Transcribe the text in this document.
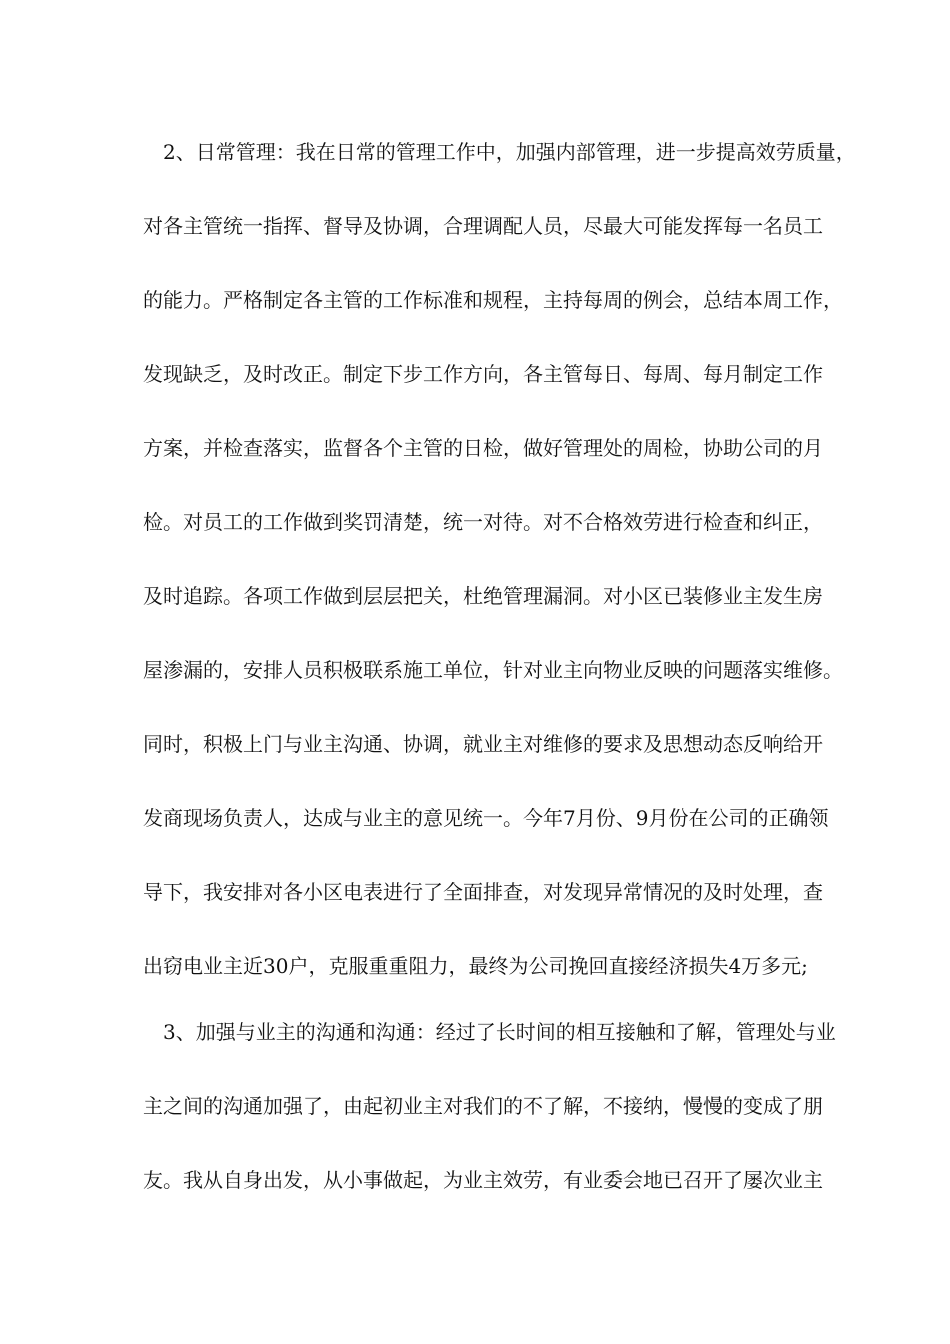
2、日常管理：我在日常的管理工作中，加强内部管理，进一步提高效劳质量，
对各主管统一指挥、督导及协调，合理调配人员，尽最大可能发挥每一名员工
的能力。严格制定各主管的工作标准和规程，主持每周的例会，总结本周工作，
发现缺乏，及时改正。制定下步工作方向，各主管每日、每周、每月制定工作
方案，并检查落实，监督各个主管的日检，做好管理处的周检，协助公司的月
检。对员工的工作做到奖罚清楚，统一对待。对不合格效劳进行检查和纠正，
及时追踪。各项工作做到层层把关，杜绝管理漏洞。对小区已装修业主发生房
屋渗漏的，安排人员积极联系施工单位，针对业主向物业反映的问题落实维修。
同时，积极上门与业主沟通、协调，就业主对维修的要求及思想动态反响给开
发商现场负责人，达成与业主的意见统一。今年7月份、9月份在公司的正确领
导下，我安排对各小区电表进行了全面排查，对发现异常情况的及时处理，查
出窃电业主近30户，克服重重阻力，最终为公司挽回直接经济损失4万多元;
3、加强与业主的沟通和沟通：经过了长时间的相互接触和了解，管理处与业
主之间的沟通加强了，由起初业主对我们的不了解，不接纳，慢慢的变成了朋
友。我从自身出发，从小事做起，为业主效劳，有业委会地已召开了屡次业主
